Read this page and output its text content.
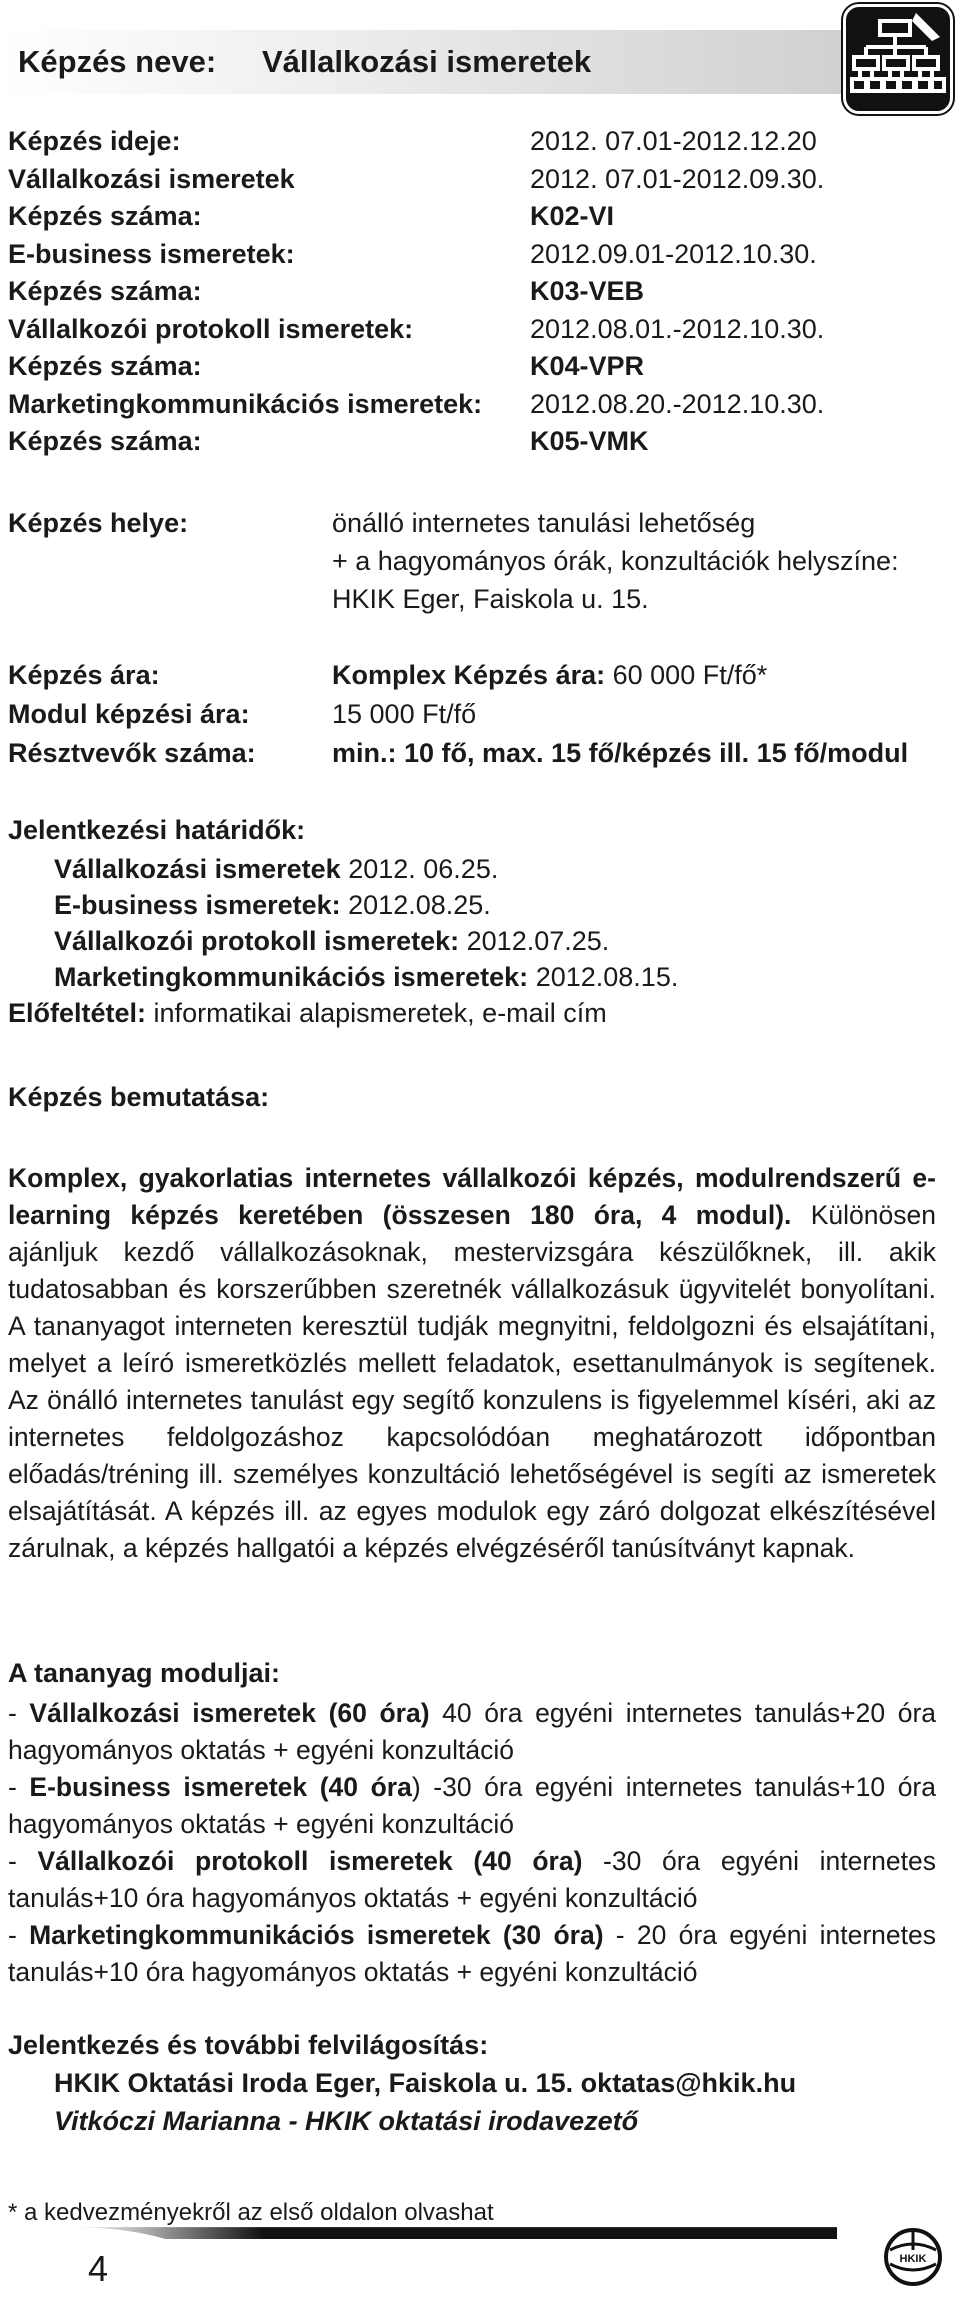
Képzés neve: Vállalkozási ismeretek
Képzés ideje:	2012. 07.01-2012.12.20
Vállalkozási ismeretek	2012. 07.01-2012.09.30.
Képzés száma:	K02-VI
E-business ismeretek:	2012.09.01-2012.10.30.
Képzés száma:	K03-VEB
Vállalkozói protokoll ismeretek:	2012.08.01.-2012.10.30.
Képzés száma:	K04-VPR
Marketingkommunikációs ismeretek: 2012.08.20.-2012.10.30.
Képzés száma:	K05-VMK
Képzés helye:	önálló internetes tanulási lehetőség
+ a hagyományos órák, konzultációk helyszíne:
HKIK Eger, Faiskola u. 15.
Képzés ára:	Komplex Képzés ára: 60 000 Ft/fő*
Modul képzési ára:	15 000 Ft/fő
Résztvevők száma:	min.: 10 fő, max. 15 fő/képzés ill. 15 fő/modul
Jelentkezési határidők:
Vállalkozási ismeretek 2012. 06.25.
E-business ismeretek: 2012.08.25.
Vállalkozói protokoll ismeretek: 2012.07.25.
Marketingkommunikációs ismeretek: 2012.08.15.
Előfeltétel: informatikai alapismeretek, e-mail cím
Képzés bemutatása:
Komplex, gyakorlatias internetes vállalkozói képzés, modulrendszerű e-learning képzés keretében (összesen 180 óra, 4 modul). Különösen ajánljuk kezdő vállalkozásoknak, mestervizsgára készülőknek, ill. akik tudatosabban és korszerűbben szeretnék vállalkozásuk ügyvitelét bonyolítani. A tananyagot interneten keresztül tudják megnyitni, feldolgozni és elsajátítani, melyet a leíró ismeretközlés mellett feladatok, esettanulmányok is segítenek. Az önálló internetes tanulást egy segítő konzulens is figyelemmel kíséri, aki az internetes feldolgozáshoz kapcsolódóan meghatározott időpontban előadás/tréning ill. személyes konzultáció lehetőségével is segíti az ismeretek elsajátítását. A képzés ill. az egyes modulok egy záró dolgozat elkészítésével zárulnak, a képzés hallgatói a képzés elvégzéséről tanúsítványt kapnak.
A tananyag moduljai:
- Vállalkozási ismeretek (60 óra) 40 óra egyéni internetes tanulás+20 óra hagyományos oktatás + egyéni konzultáció
- E-business ismeretek (40 óra) -30 óra egyéni internetes tanulás+10 óra hagyományos oktatás + egyéni konzultáció
- Vállalkozói protokoll ismeretek (40 óra) -30 óra egyéni internetes tanulás+10 óra hagyományos oktatás + egyéni konzultáció
- Marketingkommunikációs ismeretek (30 óra) - 20 óra egyéni internetes tanulás+10 óra hagyományos oktatás + egyéni konzultáció
Jelentkezés és további felvilágosítás:
HKIK Oktatási Iroda Eger, Faiskola u. 15. oktatas@hkik.hu
Vitkóczi Marianna - HKIK oktatási irodavezető
* a kedvezményekről az első oldalon olvashat
4	HKIK
